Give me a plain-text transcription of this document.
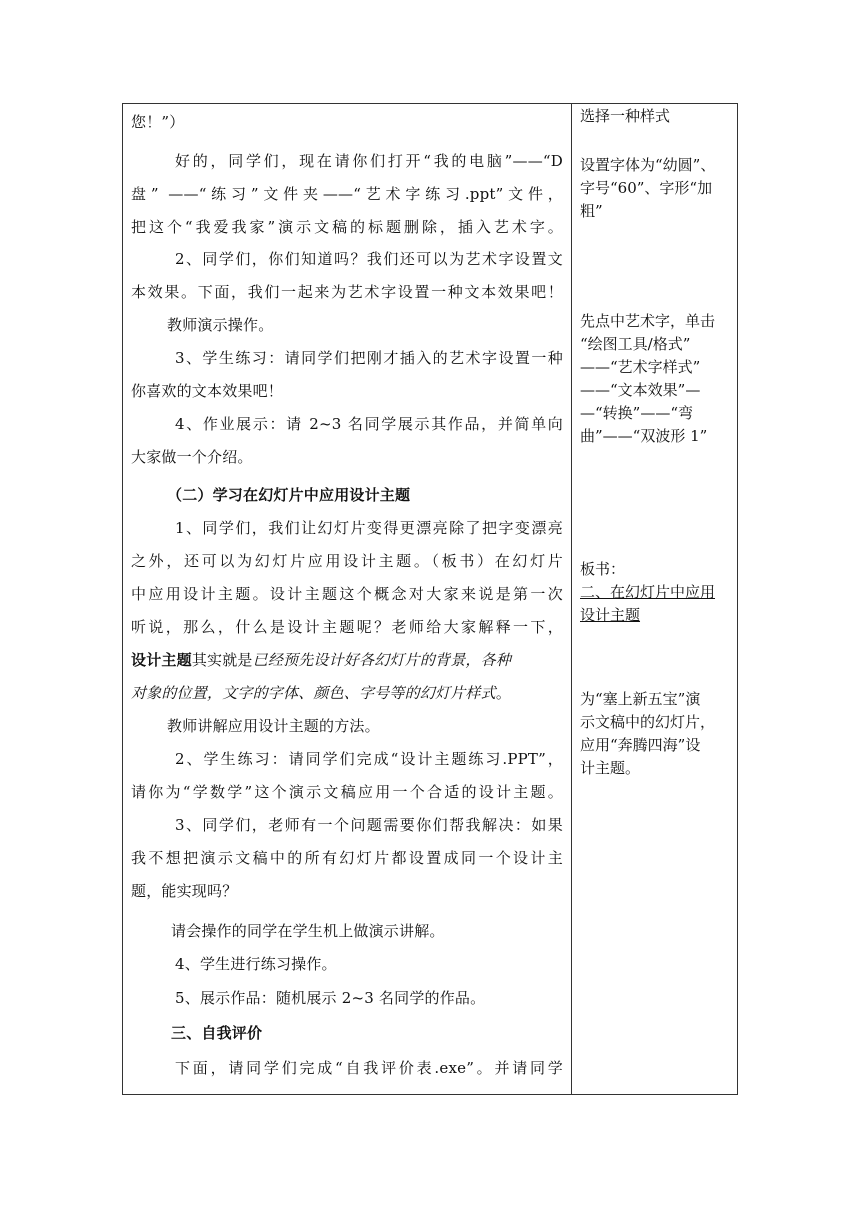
您！”）
好的，同学们，现在请你们打开“我的电脑”——“D
盘” ——“练习”文件夹——“艺术字练习.ppt”文件，
把这个“我爱我家”演示文稿的标题删除，插入艺术字。
2、同学们，你们知道吗？我们还可以为艺术字设置文
本效果。下面，我们一起来为艺术字设置一种文本效果吧！
教师演示操作。
3、学生练习：请同学们把刚才插入的艺术字设置一种
你喜欢的文本效果吧！
4、作业展示：请 2~3 名同学展示其作品，并简单向
大家做一个介绍。
（二）学习在幻灯片中应用设计主题
1、同学们，我们让幻灯片变得更漂亮除了把字变漂亮
之外，还可以为幻灯片应用设计主题。（板书）在幻灯片
中应用设计主题。设计主题这个概念对大家来说是第一次
听说，那么，什么是设计主题呢？老师给大家解释一下，
设计主题其实就是已经预先设计好各幻灯片的背景，各种
对象的位置，文字的字体、颜色、字号等的幻灯片样式。
教师讲解应用设计主题的方法。
2、学生练习：请同学们完成“设计主题练习.PPT”，
请你为“学数学”这个演示文稿应用一个合适的设计主题。
3、同学们，老师有一个问题需要你们帮我解决：如果
我不想把演示文稿中的所有幻灯片都设置成同一个设计主
题，能实现吗？
请会操作的同学在学生机上做演示讲解。
4、学生进行练习操作。
5、展示作品：随机展示 2~3 名同学的作品。
三、自我评价
下面，请同学们完成“自我评价表.exe”。并请同学
选择一种样式
设置字体为“幼圆”、
字号“60”、字形“加
粗”
先点中艺术字，单击
“绘图工具/格式”
——“艺术字样式”
——“文本效果”—
—“转换”——“弯
曲”——“双波形 1”
板书：
二、在幻灯片中应用
设计主题
为“塞上新五宝”演
示文稿中的幻灯片，
应用“奔腾四海”设
计主题。
